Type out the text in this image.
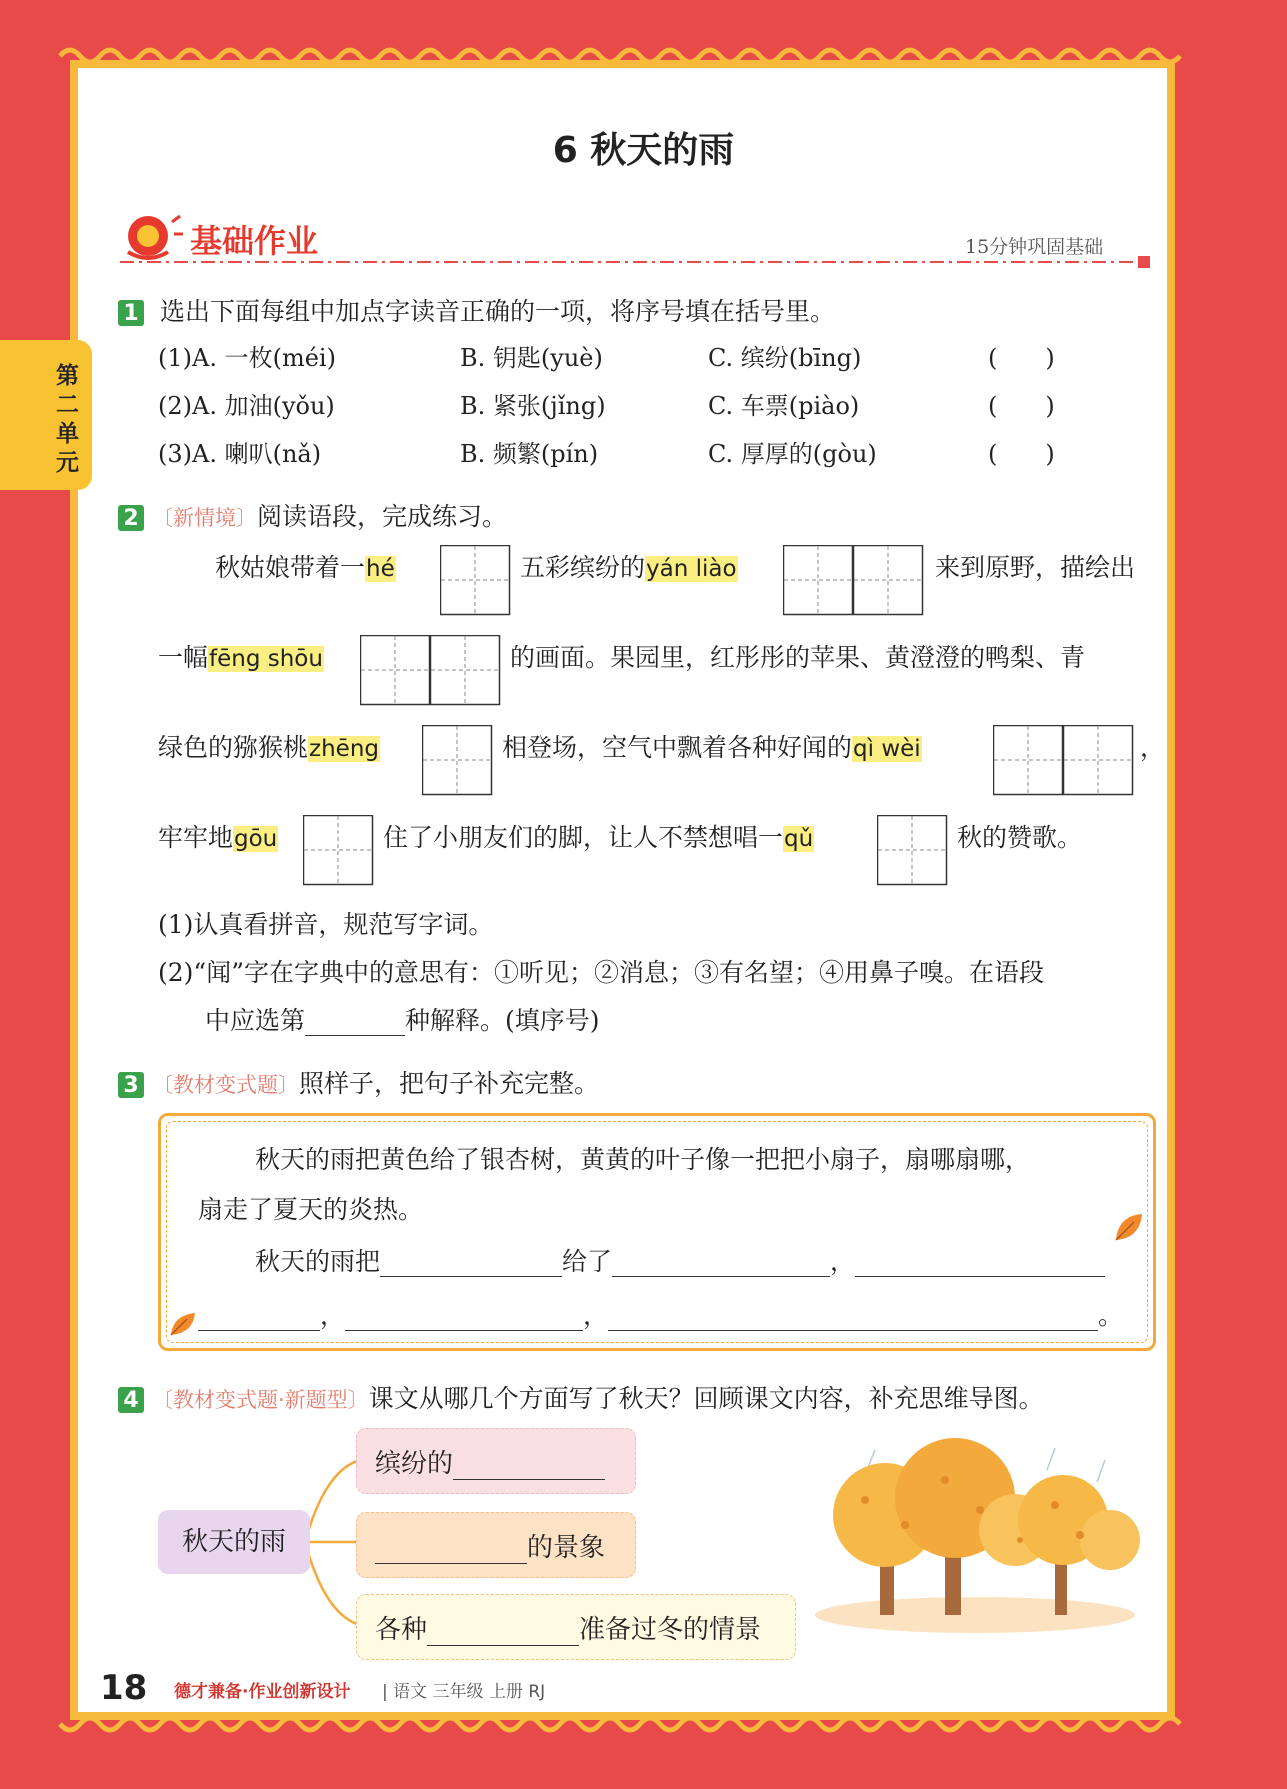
第二单元
6 秋天的雨
基础作业	15分钟巩固基础
1 选出下面每组中加点字读音正确的一项，将序号填在括号里。
(1)A. 一枚(méi)	B. 钥匙(yuè)	C. 缤纷(bīng)	(　　)
(2)A. 加油(yǒu)	B. 紧张(jǐng)	C. 车票(piào)	(　　)
(3)A. 喇叭(nǎ)	B. 频繁(pín)	C. 厚厚的(gòu)	(　　)
2 〔新情境〕阅读语段，完成练习。
秋姑娘带着一hé	五彩缤纷的yán liào	来到原野，描绘出
一幅fēng shōu	的画面。果园里，红彤彤的苹果、黄澄澄的鸭梨、青
绿色的猕猴桃zhēng	相登场，空气中飘着各种好闻的qì wèi	，
牢牢地gōu	住了小朋友们的脚，让人不禁想唱一qǔ	秋的赞歌。
(1)认真看拼音，规范写字词。
(2)“闻”字在字典中的意思有：①听见；②消息；③有名望；④用鼻子嗅。在语段
中应选第	种解释。(填序号)
3 〔教材变式题〕照样子，把句子补充完整。
秋天的雨把黄色给了银杏树，黄黄的叶子像一把把小扇子，扇哪扇哪，
扇走了夏天的炎热。
秋天的雨把	给了	，
，	，	。
4 〔教材变式题·新题型〕课文从哪几个方面写了秋天？回顾课文内容，补充思维导图。
秋天的雨
缤纷的
的景象
各种	准备过冬的情景
18 德才兼备·作业创新设计 | 语文 三年级 上册 RJ
